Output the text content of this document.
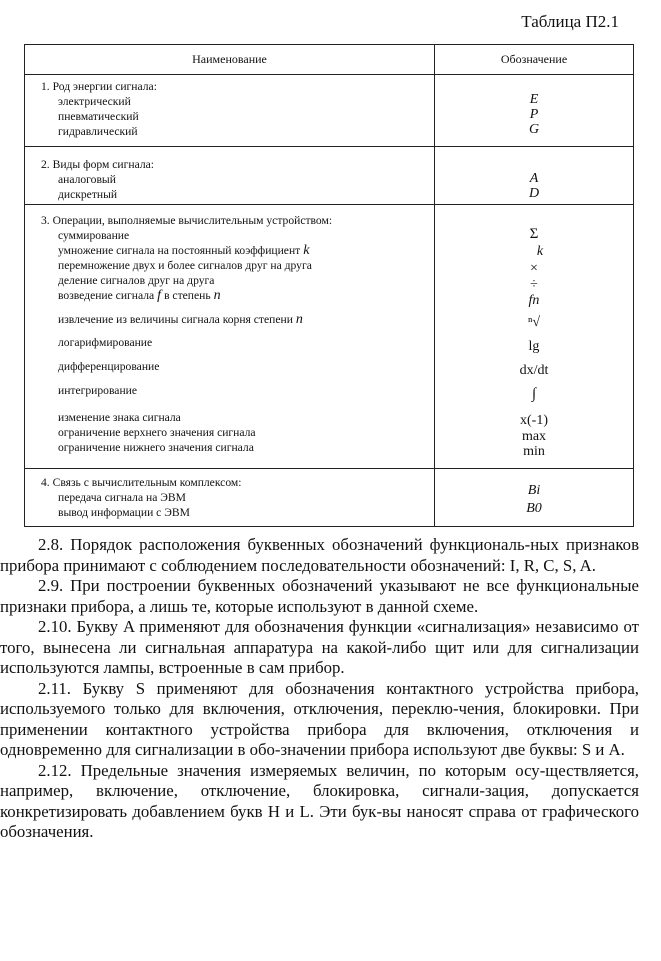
Таблица П2.1
Наименование	Обозначение
1. Род энергии сигнала:
электрический
пневматический
гидравлический
E
P
G
2. Виды форм сигнала:
аналоговый
дискретный
A
D
3. Операции, выполняемые вычислительным устройством:
суммирование
умножение сигнала на постоянный коэффициент k
перемножение двух и более сигналов друг на друга
деление сигналов друг на друга
возведение сигнала f в степень n
извлечение из величины сигнала корня степени n
логарифмирование
дифференцирование
интегрирование
изменение знака сигнала
ограничение верхнего значения сигнала
ограничение нижнего значения сигнала
Σ
k
×
÷
fn
ⁿ√
lg
dx/dt
∫
x(-1)
max
min
4. Связь с вычислительным комплексом:
передача сигнала на ЭВМ
вывод информации с ЭВМ
Bi
B0

2.8. Порядок расположения буквенных обозначений функциональ-ных признаков прибора принимают с соблюдением последовательности обозначений: I, R, C, S, A.

2.9. При построении буквенных обозначений указывают не все функциональные признаки прибора, а лишь те, которые используют в данной схеме.

2.10. Букву A применяют для обозначения функции «сигнализация» независимо от того, вынесена ли сигнальная аппаратура на какой-либо щит или для сигнализации используются лампы, встроенные в сам прибор.

2.11. Букву S применяют для обозначения контактного устройства прибора, используемого только для включения, отключения, переклю-чения, блокировки. При применении контактного устройства прибора для включения, отключения и одновременно для сигнализации в обо-значении прибора используют две буквы: S и A.

2.12. Предельные значения измеряемых величин, по которым осу-ществляется, например, включение, отключение, блокировка, сигнали-зация, допускается конкретизировать добавлением букв H и L. Эти бук-вы наносят справа от графического обозначения.
